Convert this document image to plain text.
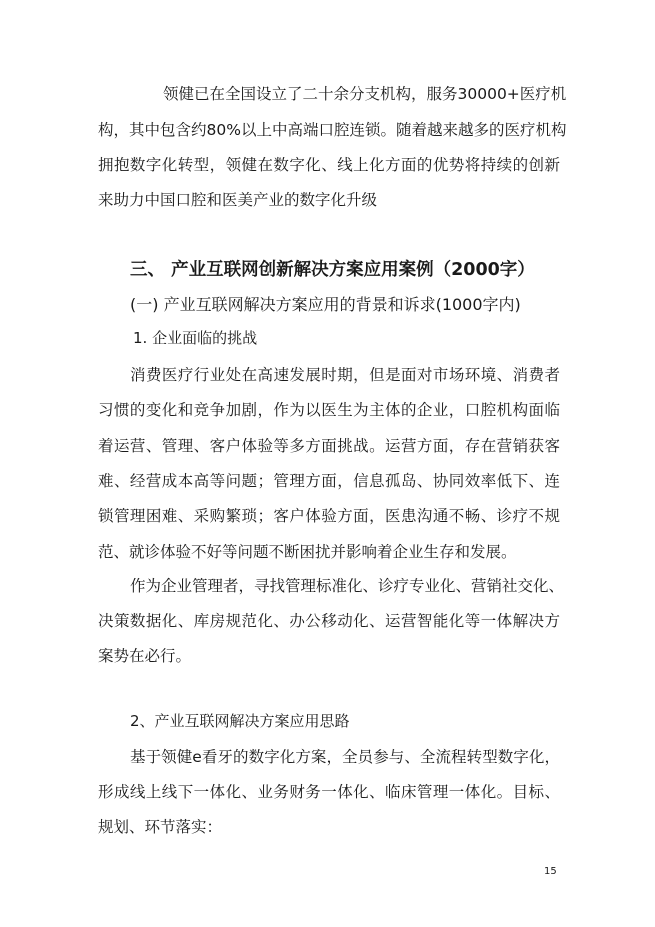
领健已在全国设立了二十余分支机构，服务30000+医疗机
构，其中包含约80%以上中高端口腔连锁。随着越来越多的医疗机构
拥抱数字化转型，领健在数字化、线上化方面的优势将持续的创新
来助力中国口腔和医美产业的数字化升级
三、 产业互联网创新解决方案应用案例（2000字）
(一) 产业互联网解决方案应用的背景和诉求(1000字内)
1. 企业面临的挑战
消费医疗行业处在高速发展时期，但是面对市场环境、消费者
习惯的变化和竞争加剧，作为以医生为主体的企业，口腔机构面临
着运营、管理、客户体验等多方面挑战。运营方面，存在营销获客
难、经营成本高等问题；管理方面，信息孤岛、协同效率低下、连
锁管理困难、采购繁琐；客户体验方面，医患沟通不畅、诊疗不规
范、就诊体验不好等问题不断困扰并影响着企业生存和发展。
作为企业管理者，寻找管理标准化、诊疗专业化、营销社交化、
决策数据化、库房规范化、办公移动化、运营智能化等一体解决方
案势在必行。
2、产业互联网解决方案应用思路
基于领健e看牙的数字化方案，全员参与、全流程转型数字化，
形成线上线下一体化、业务财务一体化、临床管理一体化。目标、
规划、环节落实：
15
